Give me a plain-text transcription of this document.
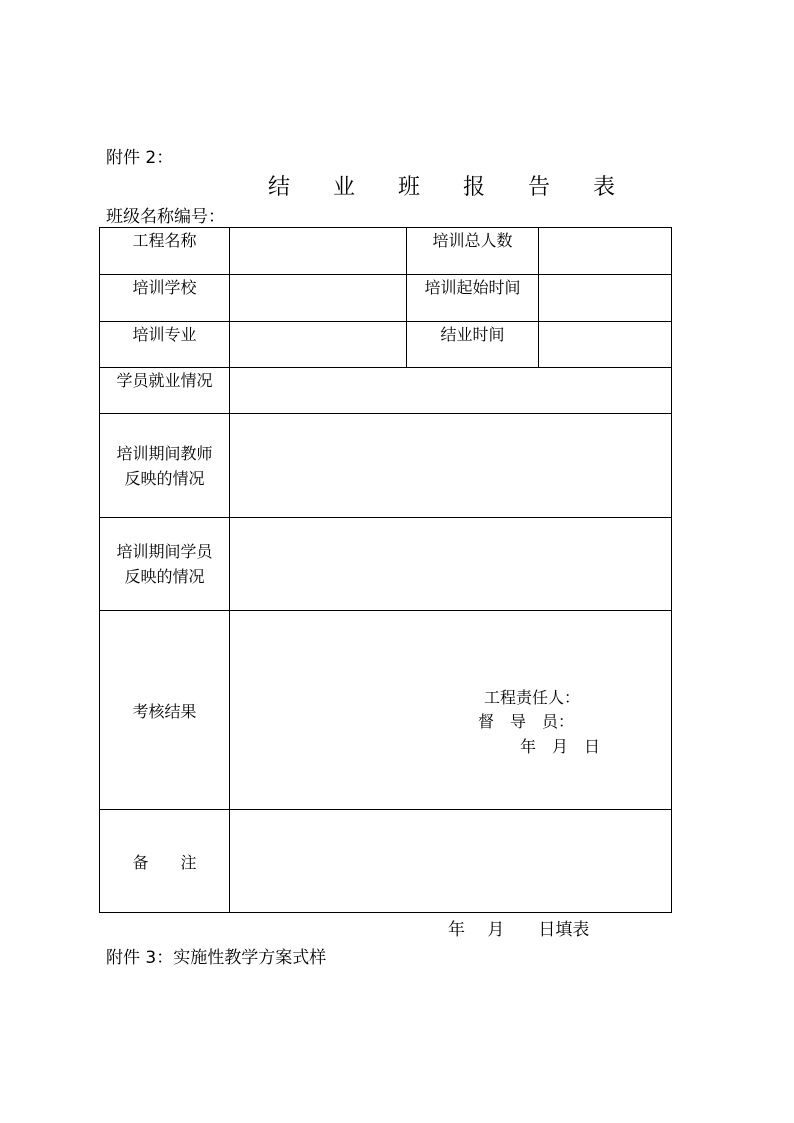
附件 2：
结 业 班 报 告 表
班级名称编号：
工程名称		培训总人数	

培训学校		培训起始时间	

培训专业		结业时间	

学员就业情况			

培训期间教师
反映的情况			

培训期间学员
反映的情况			

考核结果	工程责任人：
督　导　员：
年　月　日		

备　　注			
年　 月　　日填表
附件 3：实施性教学方案式样
